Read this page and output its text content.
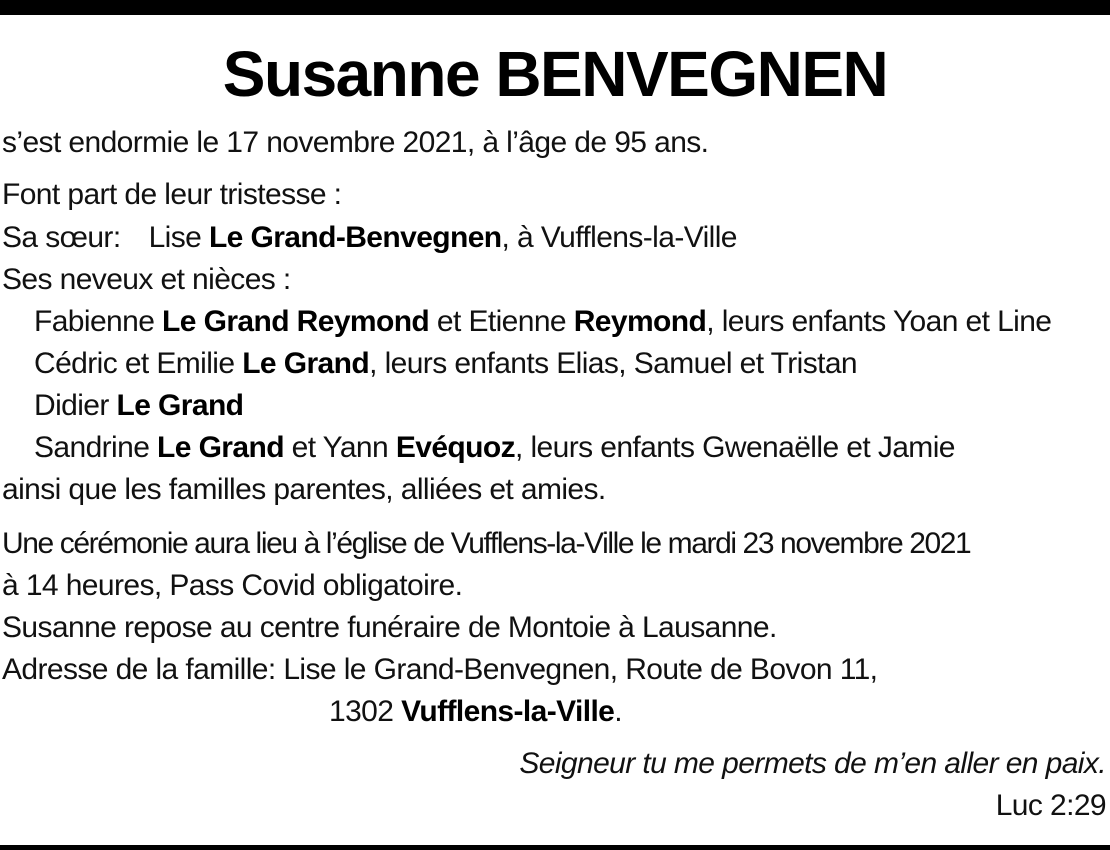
Susanne BENVEGNEN
s’est endormie le 17 novembre 2021, à l’âge de 95 ans.
Font part de leur tristesse :
Sa sœur: Lise Le Grand-Benvegnen, à Vufflens-la-Ville
Ses neveux et nièces :
Fabienne Le Grand Reymond et Etienne Reymond, leurs enfants Yoan et Line
Cédric et Emilie Le Grand, leurs enfants Elias, Samuel et Tristan
Didier Le Grand
Sandrine Le Grand et Yann Evéquoz, leurs enfants Gwenaëlle et Jamie
ainsi que les familles parentes, alliées et amies.
Une cérémonie aura lieu à l’église de Vufflens-la-Ville le mardi 23 novembre 2021
à 14 heures, Pass Covid obligatoire.
Susanne repose au centre funéraire de Montoie à Lausanne.
Adresse de la famille: Lise le Grand-Benvegnen, Route de Bovon 11,
1302 Vufflens-la-Ville.
Seigneur tu me permets de m’en aller en paix.
Luc 2:29
